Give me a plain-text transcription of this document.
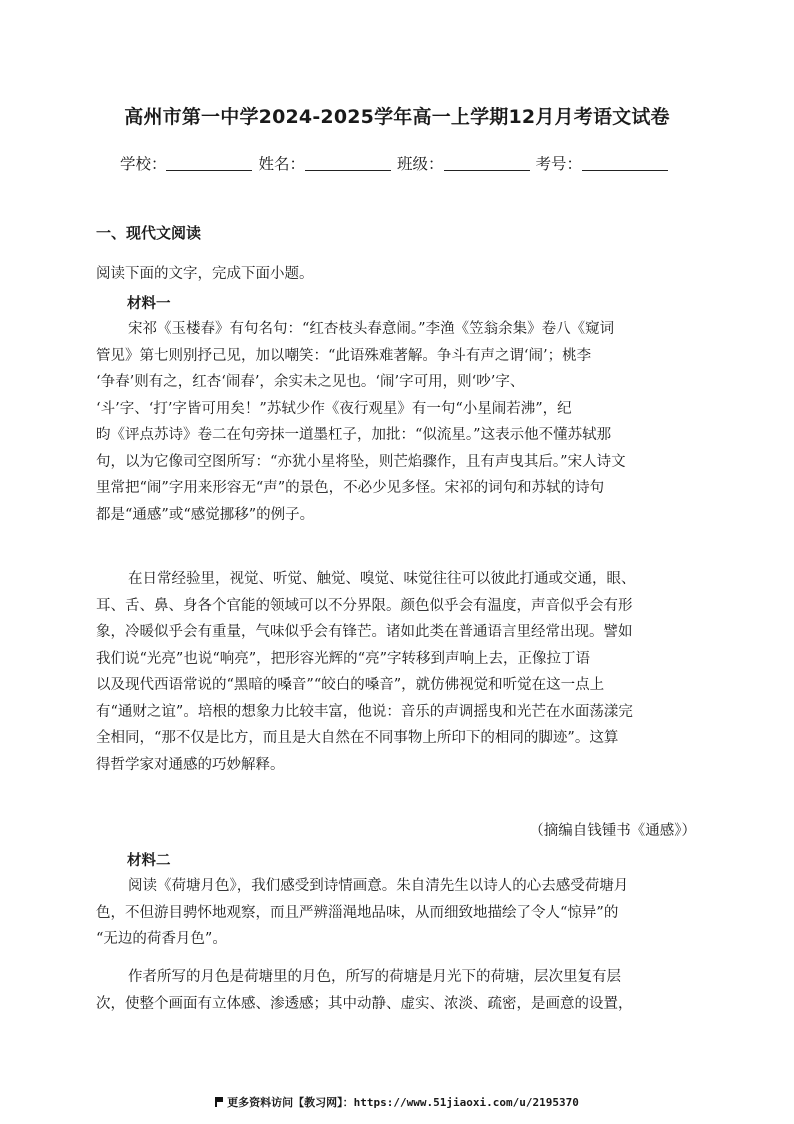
高州市第一中学2024-2025学年高一上学期12月月考语文试卷
学校：	姓名：	班级：	考号：
一、现代文阅读
阅读下面的文字，完成下面小题。
材料一
宋祁《玉楼春》有句名句：“红杏枝头春意闹。”李渔《笠翁余集》卷八《窥词
管见》第七则别抒己见，加以嘲笑：“此语殊难著解。争斗有声之谓‘闹’；桃李
‘争春’则有之，红杏‘闹春’，余实未之见也。‘闹’字可用，则‘吵’字、
‘斗’字、‘打’字皆可用矣！”苏轼少作《夜行观星》有一句“小星闹若沸”，纪
昀《评点苏诗》卷二在句旁抹一道墨杠子，加批：“似流星。”这表示他不懂苏轼那
句，以为它像司空图所写：“亦犹小星将坠，则芒焰骤作，且有声曳其后。”宋人诗文
里常把“闹”字用来形容无“声”的景色，不必少见多怪。宋祁的词句和苏轼的诗句
都是“通感”或“感觉挪移”的例子。
在日常经验里，视觉、听觉、触觉、嗅觉、味觉往往可以彼此打通或交通，眼、
耳、舌、鼻、身各个官能的领域可以不分界限。颜色似乎会有温度，声音似乎会有形
象，冷暖似乎会有重量，气味似乎会有锋芒。诸如此类在普通语言里经常出现。譬如
我们说“光亮”也说“响亮”，把形容光辉的“亮”字转移到声响上去，正像拉丁语
以及现代西语常说的“黑暗的嗓音”“皎白的嗓音”，就仿佛视觉和听觉在这一点上
有“通财之谊”。培根的想象力比较丰富，他说：音乐的声调摇曳和光芒在水面荡漾完
全相同，“那不仅是比方，而且是大自然在不同事物上所印下的相同的脚迹”。这算
得哲学家对通感的巧妙解释。
（摘编自钱锺书《通感》）
材料二
阅读《荷塘月色》，我们感受到诗情画意。朱自清先生以诗人的心去感受荷塘月
色，不但游目骋怀地观察，而且严辨淄渑地品味，从而细致地描绘了令人“惊异”的
“无边的荷香月色”。
作者所写的月色是荷塘里的月色，所写的荷塘是月光下的荷塘，层次里复有层
次，使整个画面有立体感、渗透感；其中动静、虚实、浓淡、疏密，是画意的设置，
更多资料访问【教习网】：https://www.51jiaoxi.com/u/2195370
